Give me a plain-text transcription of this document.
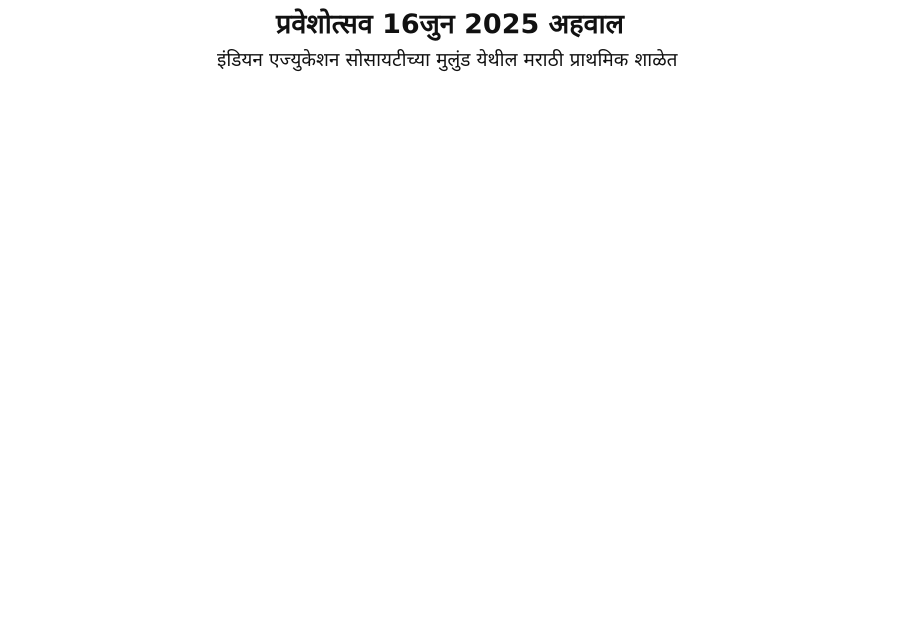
प्रवेशोत्सव 16जुन 2025 अहवाल
इंडियन एज्युकेशन सोसायटीच्या मुलुंड येथील मराठी प्राथमिक शाळेत
